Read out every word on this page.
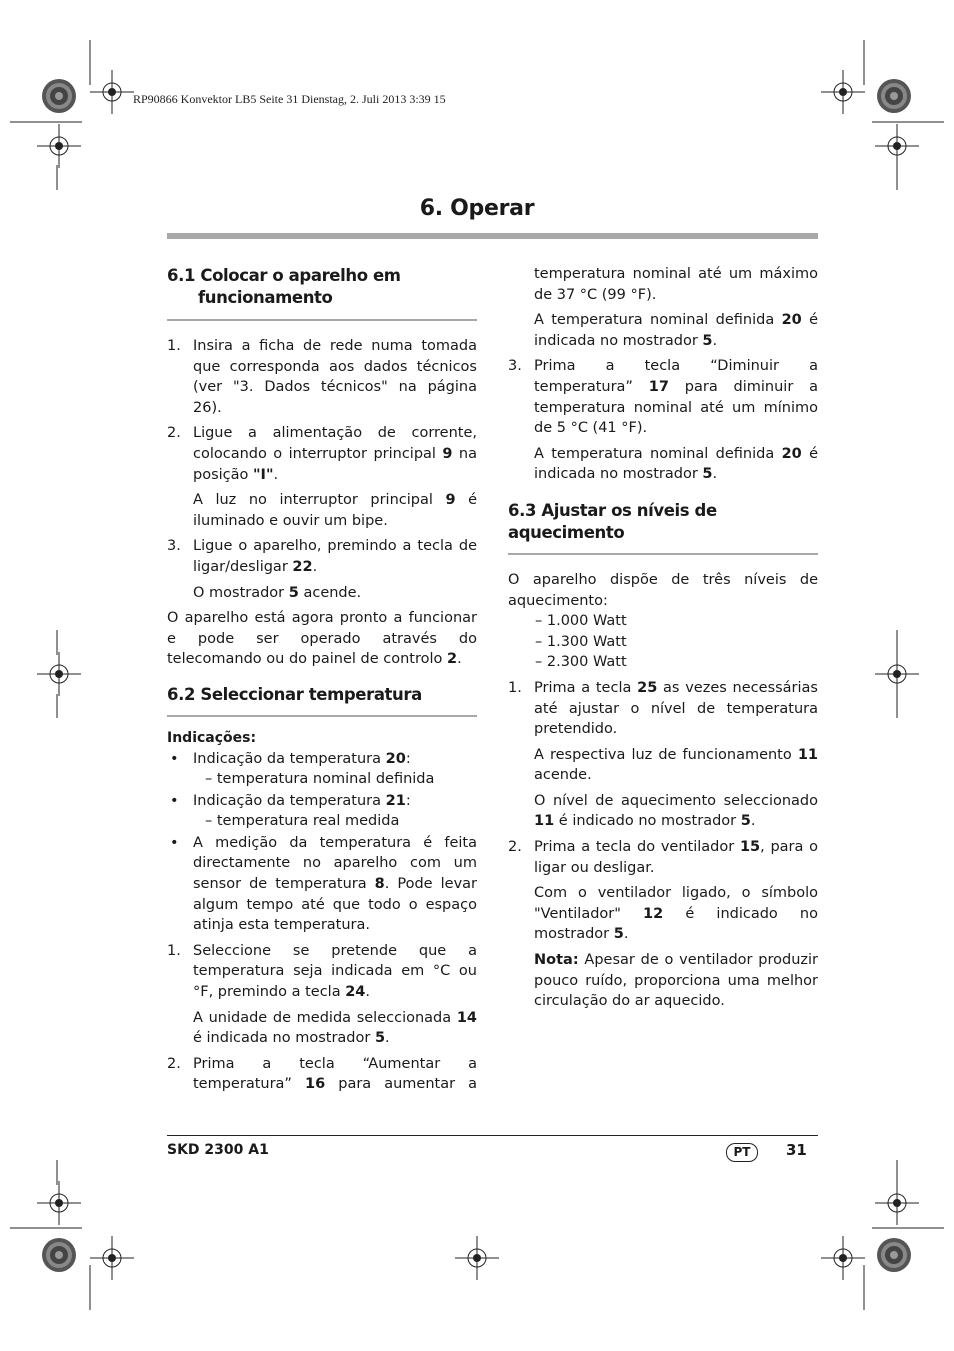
RP90866 Konvektor LB5 Seite 31 Dienstag, 2. Juli 2013 3:39 15
6. Operar
6.1 Colocar o aparelho em
funcionamento
1. Insira a ficha de rede numa tomada que corresponda aos dados técnicos (ver "3. Dados técnicos" na página 26).
2. Ligue a alimentação de corrente, colocando o interruptor principal 9 na posição "I".
A luz no interruptor principal 9 é iluminado e ouvir um bipe.
3. Ligue o aparelho, premindo a tecla de ligar/desligar 22.
O mostrador 5 acende.

O aparelho está agora pronto a funcionar e pode ser operado através do telecomando ou do painel de controlo 2.

6.2 Seleccionar temperatura
Indicações:
• Indicação da temperatura 20:
– temperatura nominal definida
• Indicação da temperatura 21:
– temperatura real medida
• A medição da temperatura é feita directamente no aparelho com um sensor de temperatura 8. Pode levar algum tempo até que todo o espaço atinja esta temperatura.
1. Seleccione se pretende que a temperatura seja indicada em °C ou °F, premindo a tecla 24.
A unidade de medida seleccionada 14 é indicada no mostrador 5.
2. Prima a tecla “Aumentar a temperatura” 16 para aumentar a
temperatura nominal até um máximo de 37 °C (99 °F).
A temperatura nominal definida 20 é indicada no mostrador 5.
3. Prima a tecla “Diminuir a temperatura” 17 para diminuir a temperatura nominal até um mínimo de 5 °C (41 °F).
A temperatura nominal definida 20 é indicada no mostrador 5.
6.3 Ajustar os níveis de aquecimento

O aparelho dispõe de três níveis de aquecimento:

– 1.000 Watt
– 1.300 Watt
– 2.300 Watt
1. Prima a tecla 25 as vezes necessárias até ajustar o nível de temperatura pretendido.
A respectiva luz de funcionamento 11 acende.
O nível de aquecimento seleccionado 11 é indicado no mostrador 5.
2. Prima a tecla do ventilador 15, para o ligar ou desligar.
Com o ventilador ligado, o símbolo "Ventilador" 12 é indicado no mostrador 5.
Nota: Apesar de o ventilador produzir pouco ruído, proporciona uma melhor circulação do ar aquecido.
SKD 2300 A1	PT	31
